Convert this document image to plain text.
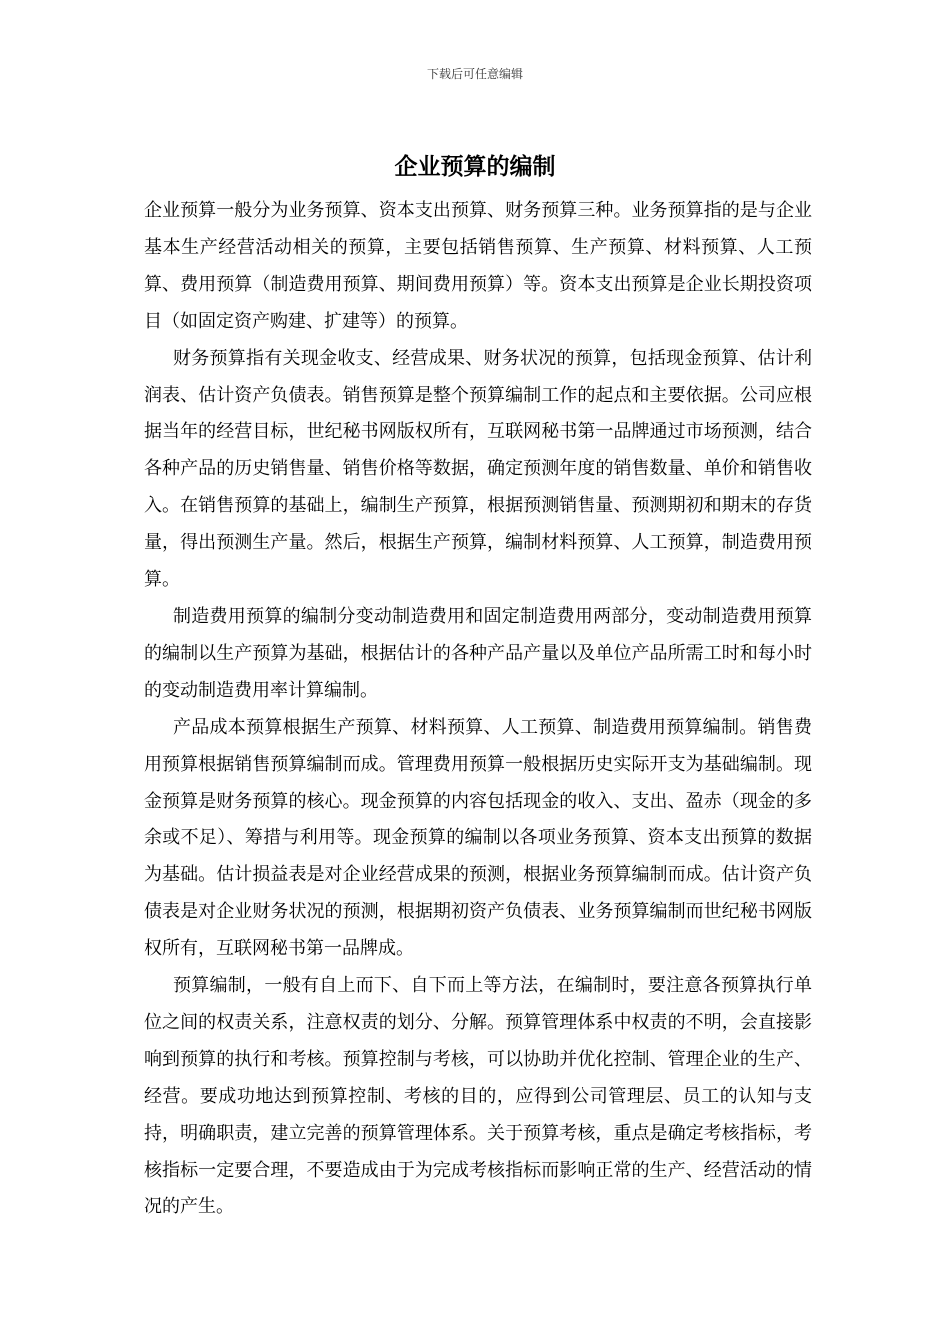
下载后可任意编辑
企业预算的编制

企业预算一般分为业务预算、资本支出预算、财务预算三种。业务预算指的是与企业基本生产经营活动相关的预算，主要包括销售预算、生产预算、材料预算、人工预算、费用预算（制造费用预算、期间费用预算）等。资本支出预算是企业长期投资项目（如固定资产购建、扩建等）的预算。

财务预算指有关现金收支、经营成果、财务状况的预算，包括现金预算、估计利润表、估计资产负债表。销售预算是整个预算编制工作的起点和主要依据。公司应根据当年的经营目标，世纪秘书网版权所有，互联网秘书第一品牌通过市场预测，结合各种产品的历史销售量、销售价格等数据，确定预测年度的销售数量、单价和销售收入。在销售预算的基础上，编制生产预算，根据预测销售量、预测期初和期末的存货量，得出预测生产量。然后，根据生产预算，编制材料预算、人工预算，制造费用预算。

制造费用预算的编制分变动制造费用和固定制造费用两部分，变动制造费用预算的编制以生产预算为基础，根据估计的各种产品产量以及单位产品所需工时和每小时的变动制造费用率计算编制。

产品成本预算根据生产预算、材料预算、人工预算、制造费用预算编制。销售费用预算根据销售预算编制而成。管理费用预算一般根据历史实际开支为基础编制。现金预算是财务预算的核心。现金预算的内容包括现金的收入、支出、盈赤（现金的多余或不足）、筹措与利用等。现金预算的编制以各项业务预算、资本支出预算的数据为基础。估计损益表是对企业经营成果的预测，根据业务预算编制而成。估计资产负债表是对企业财务状况的预测，根据期初资产负债表、业务预算编制而世纪秘书网版权所有，互联网秘书第一品牌成。

预算编制，一般有自上而下、自下而上等方法，在编制时，要注意各预算执行单位之间的权责关系，注意权责的划分、分解。预算管理体系中权责的不明，会直接影响到预算的执行和考核。预算控制与考核，可以协助并优化控制、管理企业的生产、经营。要成功地达到预算控制、考核的目的，应得到公司管理层、员工的认知与支持，明确职责，建立完善的预算管理体系。关于预算考核，重点是确定考核指标，考核指标一定要合理，不要造成由于为完成考核指标而影响正常的生产、经营活动的情况的产生。
